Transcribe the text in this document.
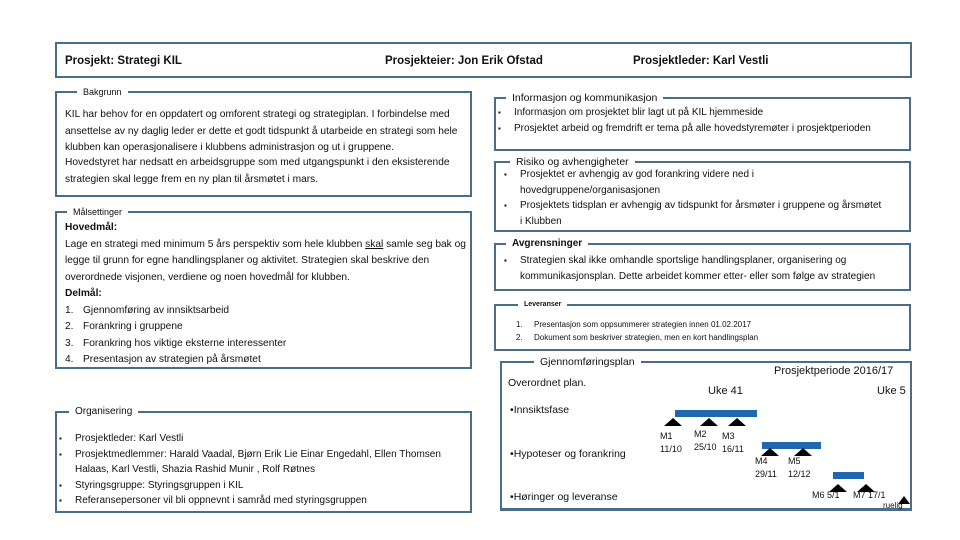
Prosjekt: Strategi KIL	Prosjekteier: Jon Erik Ofstad	Prosjektleder: Karl Vestli
Bakgrunn
KIL har behov for en oppdatert og omforent strategi og strategiplan. I forbindelse med ansettelse av ny daglig leder er dette et godt tidspunkt å utarbeide en strategi som hele klubben kan operasjonalisere i klubbens administrasjon og ut i gruppene.
Hovedstyret har nedsatt en arbeidsgruppe som med utgangspunkt i den eksisterende strategien skal legge frem en ny plan til årsmøtet i mars.
Målsettinger
Hovedmål:
Lage en strategi med minimum 5 års perspektiv som hele klubben skal samle seg bak og legge til grunn for egne handlingsplaner og aktivitet. Strategien skal beskrive den overordnede visjonen, verdiene og noen hovedmål for klubben.
Delmål:
1. Gjennomføring av innsiktsarbeid
2. Forankring i gruppene
3. Forankring hos viktige eksterne interessenter
4. Presentasjon av strategien på årsmøtet
Organisering
▪ Prosjektleder: Karl Vestli
▪ Prosjektmedlemmer: Harald Vaadal, Bjørn Erik Lie Einar Engedahl, Ellen Thomsen Halaas, Karl Vestli, Shazia Rashid Munir , Rolf Røtnes
▪ Styringsgruppe: Styringsgruppen i KIL
▪ Referansepersoner vil bli oppnevnt i samråd med styringsgruppen
Informasjon og kommunikasjon
▪ Informasjon om prosjektet blir lagt ut på KIL hjemmeside
▪ Prosjektet arbeid og fremdrift er tema på alle hovedstyremøter i prosjektperioden
Risiko og avhengigheter
▪ Prosjektet er avhengig av god forankring videre ned i hovedgruppene/organisasjonen
▪ Prosjektets tidsplan er avhengig av tidspunkt for årsmøter i gruppene og årsmøtet i Klubben
Avgrensninger
▪ Strategien skal ikke omhandle sportslige handlingsplaner, organisering og kommunikasjonsplan. Dette arbeidet kommer etter- eller som følge av strategien
Leveranser
1. Presentasjon som oppsummerer strategien innen 01.02.2017
2. Dokument som beskriver strategien, men en kort handlingsplan
Gjennomføringsplan
Prosjektperiode 2016/17
Overordnet plan.
Uke 41	Uke 5
•Innsiktsfase
•Hypoteser og forankring
•Høringer og leveranse
M1
11/10
M2
25/10
M3
16/11
M4
29/11
M5
12/12
M6 5/1 M7 17/1
ruelig
